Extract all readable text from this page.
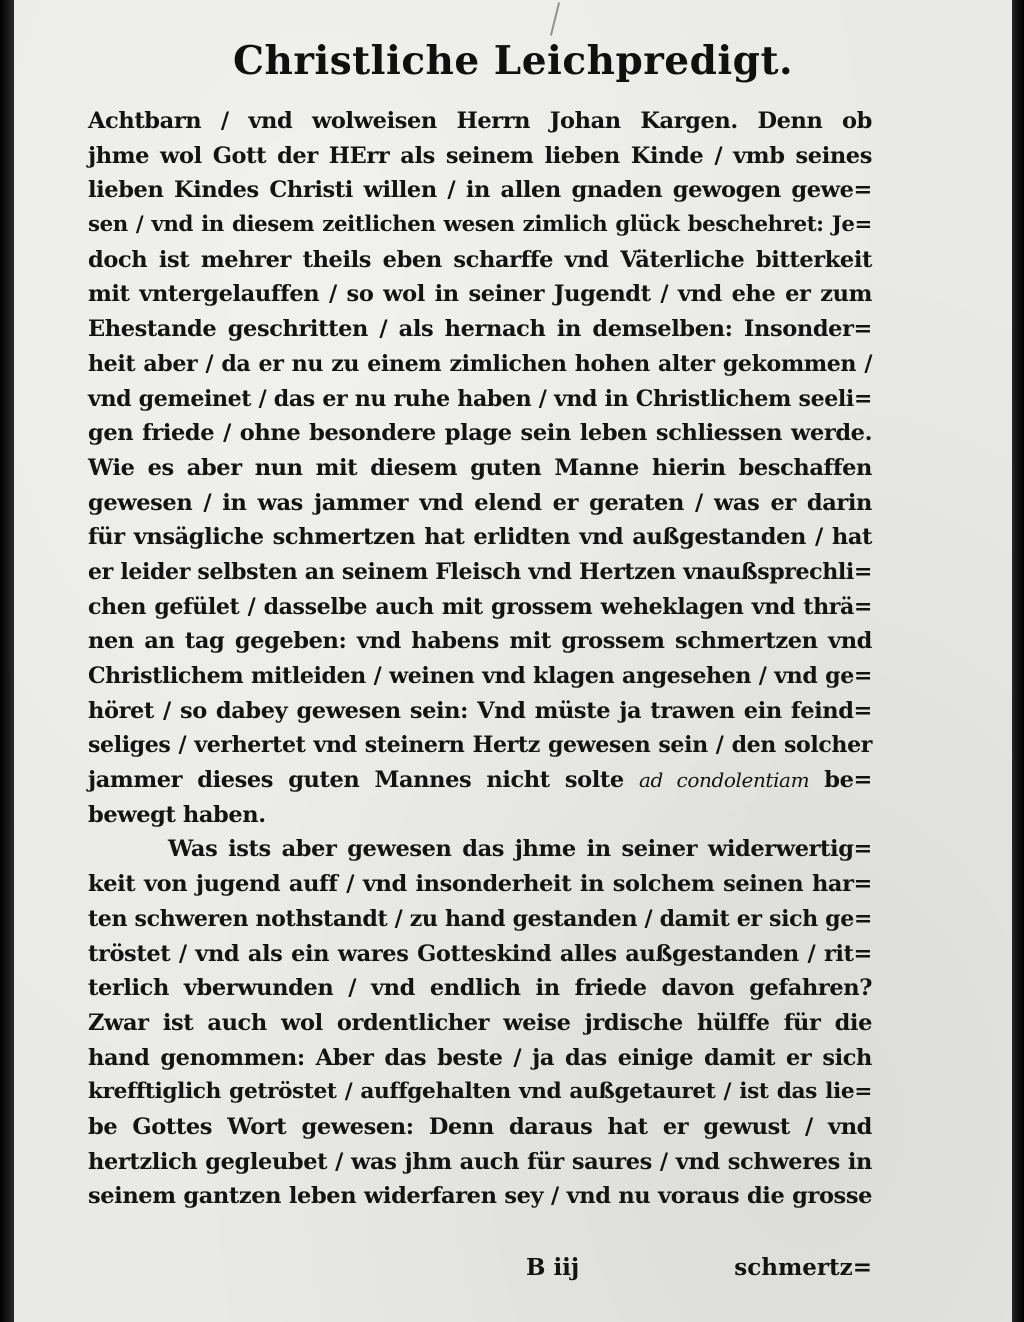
Christliche Leichpredigt.
Achtbarn / vnd wolweisen Herrn Johan Kargen. Denn ob
jhme wol Gott der HErr als seinem lieben Kinde / vmb seines
lieben Kindes Christi willen / in allen gnaden gewogen gewe=
sen / vnd in diesem zeitlichen wesen zimlich glück beschehret: Je=
doch ist mehrer theils eben scharffe vnd Väterliche bitterkeit
mit vntergelauffen / so wol in seiner Jugendt / vnd ehe er zum
Ehestande geschritten / als hernach in demselben: Insonder=
heit aber / da er nu zu einem zimlichen hohen alter gekommen /
vnd gemeinet / das er nu ruhe haben / vnd in Christlichem seeli=
gen friede / ohne besondere plage sein leben schliessen werde.
Wie es aber nun mit diesem guten Manne hierin beschaffen
gewesen / in was jammer vnd elend er geraten / was er darin
für vnsägliche schmertzen hat erlidten vnd außgestanden / hat
er leider selbsten an seinem Fleisch vnd Hertzen vnaußsprechli=
chen gefület / dasselbe auch mit grossem weheklagen vnd thrä=
nen an tag gegeben: vnd habens mit grossem schmertzen vnd
Christlichem mitleiden / weinen vnd klagen angesehen / vnd ge=
höret / so dabey gewesen sein: Vnd müste ja trawen ein feind=
seliges / verhertet vnd steinern Hertz gewesen sein / den solcher
jammer dieses guten Mannes nicht solte ad condolentiam be=
bewegt haben.
Was ists aber gewesen das jhme in seiner widerwertig=
keit von jugend auff / vnd insonderheit in solchem seinen har=
ten schweren nothstandt / zu hand gestanden / damit er sich ge=
tröstet / vnd als ein wares Gotteskind alles außgestanden / rit=
terlich vberwunden / vnd endlich in friede davon gefahren?
Zwar ist auch wol ordentlicher weise jrdische hülffe für die
hand genommen: Aber das beste / ja das einige damit er sich
krefftiglich getröstet / auffgehalten vnd außgetauret / ist das lie=
be Gottes Wort gewesen: Denn daraus hat er gewust / vnd
hertzlich gegleubet / was jhm auch für saures / vnd schweres in
seinem gantzen leben widerfaren sey / vnd nu voraus die grosse
B iij	schmertz=
